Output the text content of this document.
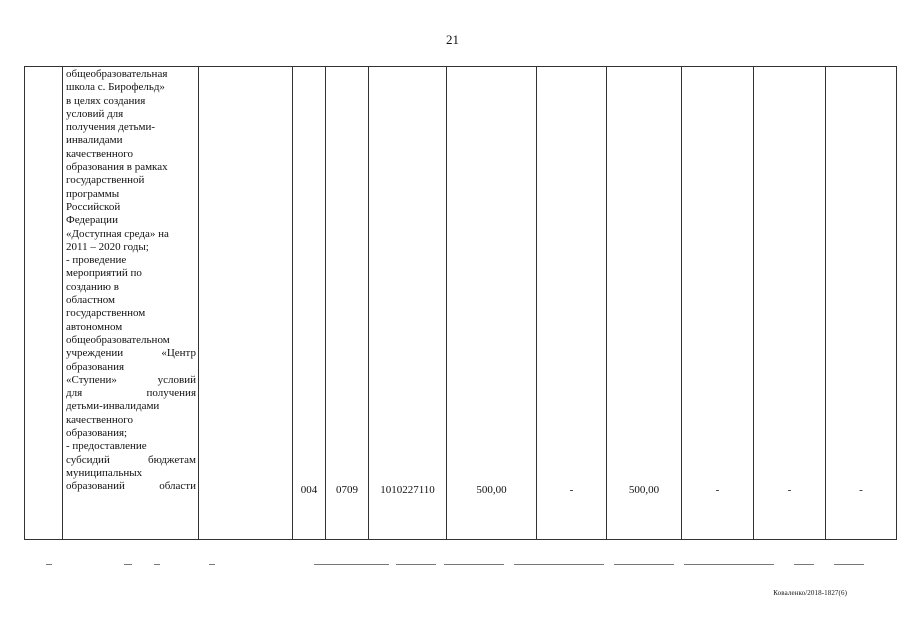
21

общеобразовательная
школа с. Бирофельд»
в целях создания
условий для
получения детьми-
инвалидами
качественного
образования в рамках
государственной
программы
Российской
Федерации
«Доступная среда» на
2011 – 2020 годы;
- проведение
мероприятий по
созданию в
областном
государственном
автономном
общеобразовательном
учреждении «Центр
образования
«Ступени» условий
для получения
детьми-инвалидами
качественного
образования;
- предоставление
субсидий бюджетам
муниципальных
образований области		004	0709	1010227110	500,00	-	500,00	-	-	-
Коваленко/2018-1827(6)
